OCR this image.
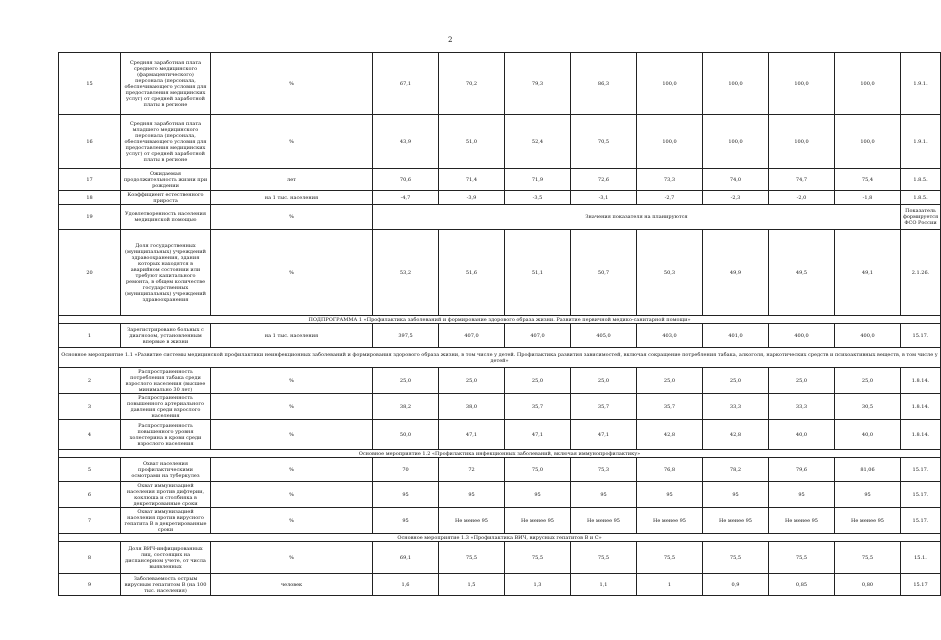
2
15	Средняя заработная плата среднего медицинского (фармацевтического) персонала (персонала, обеспечивающего условия для предоставления медицинских услуг) от средней заработной платы в регионе	%	67,1	70,2	79,3	86,3	100,0	100,0	100,0	100,0	1.9.1.
16	Средняя заработная плата младшего медицинского персонала (персонала, обеспечивающего условия для предоставления медицинских услуг) от средней заработной платы в регионе	%	43,9	51,0	52,4	70,5	100,0	100,0	100,0	100,0	1.9.1.
17	Ожидаемая продолжительность жизни при рождении	лет	70,6	71,4	71,9	72,6	73,3	74,0	74,7	75,4	1.8.5.
18	Коэффициент естественного прироста	на 1 тыс. населения	-4,7	-3,9	-3,5	-3,1	-2,7	-2,3	-2,0	-1,8	1.8.5.
19	Удовлетворенность населения медицинской помощью	%	Значения показателя на планируются								Показатель формируется ФСО России
20	Доля государственных (муниципальных) учреждений здравоохранения, здания которых находятся в аварийном состоянии или требуют капитального ремонта, в общем количестве государственных (муниципальных) учреждений здравоохранения	%	53,2	51,6	51,1	50,7	50,3	49,9	49,5	49,1	2.1.26.
ПОДПРОГРАММА 1 «Профилактика заболеваний и формирование здорового образа жизни. Развитие первичной медико-санитарной помощи»											
1	Зарегистрировано больных с диагнозом, установленным впервые в жизни	на 1 тыс. населения	397,5	407,0	407,0	405,0	403,0	401,0	400,0	400,0	15.17.
Основное мероприятие 1.1 «Развитие системы медицинской профилактики неинфекционных заболеваний и формирования здорового образа жизни, в том числе у детей. Профилактика развития зависимостей, включая сокращение потребления табака, алкоголя, наркотических средств и психоактивных веществ, в том числе у детей»											
2	Распространенность потребления табака среди взрослого населения (высшее минимально 30 лет)	%	25,0	25,0	25,0	25,0	25,0	25,0	25,0	25,0	1.8.14.
3	Распространенность повышенного артериального давления среди взрослого населения	%	38,2	38,0	35,7	35,7	35,7	33,3	33,3	30,5	1.8.14.
4	Распространенность повышенного уровня холестерина в крови среди взрослого населения	%	50,0	47,1	47,1	47,1	42,8	42,8	40,0	40,0	1.8.14.
Основное мероприятие 1.2 «Профилактика инфекционных заболеваний, включая иммунопрофилактику»											
5	Охват населения профилактическими осмотрами на туберкулез	%	70	72	75,0	75,3	76,8	78,2	79,6	81,06	15.17.
6	Охват иммунизацией населения против дифтерии, коклюша и столбняка в декретированные сроки	%	95	95	95	95	95	95	95	95	15.17.
7	Охват иммунизацией населения против вирусного гепатита В в декретированные сроки	%	95	Не менее 95	Не менее 95	Не менее 95	Не менее 95	Не менее 95	Не менее 95	Не менее 95	15.17.
Основное мероприятие 1.3 «Профилактика ВИЧ, вирусных гепатитов В и С»											
8	Доля ВИЧ-инфицированных лиц, состоящих на диспансерном учете, от числа выявленных	%	69,1	75,5	75,5	75,5	75,5	75,5	75,5	75,5	15.1.
9	Заболеваемость острым вирусным гепатитом В (на 100 тыс. населения)	человек	1,6	1,5	1,3	1,1	1	0,9	0,85	0,80	15.17
